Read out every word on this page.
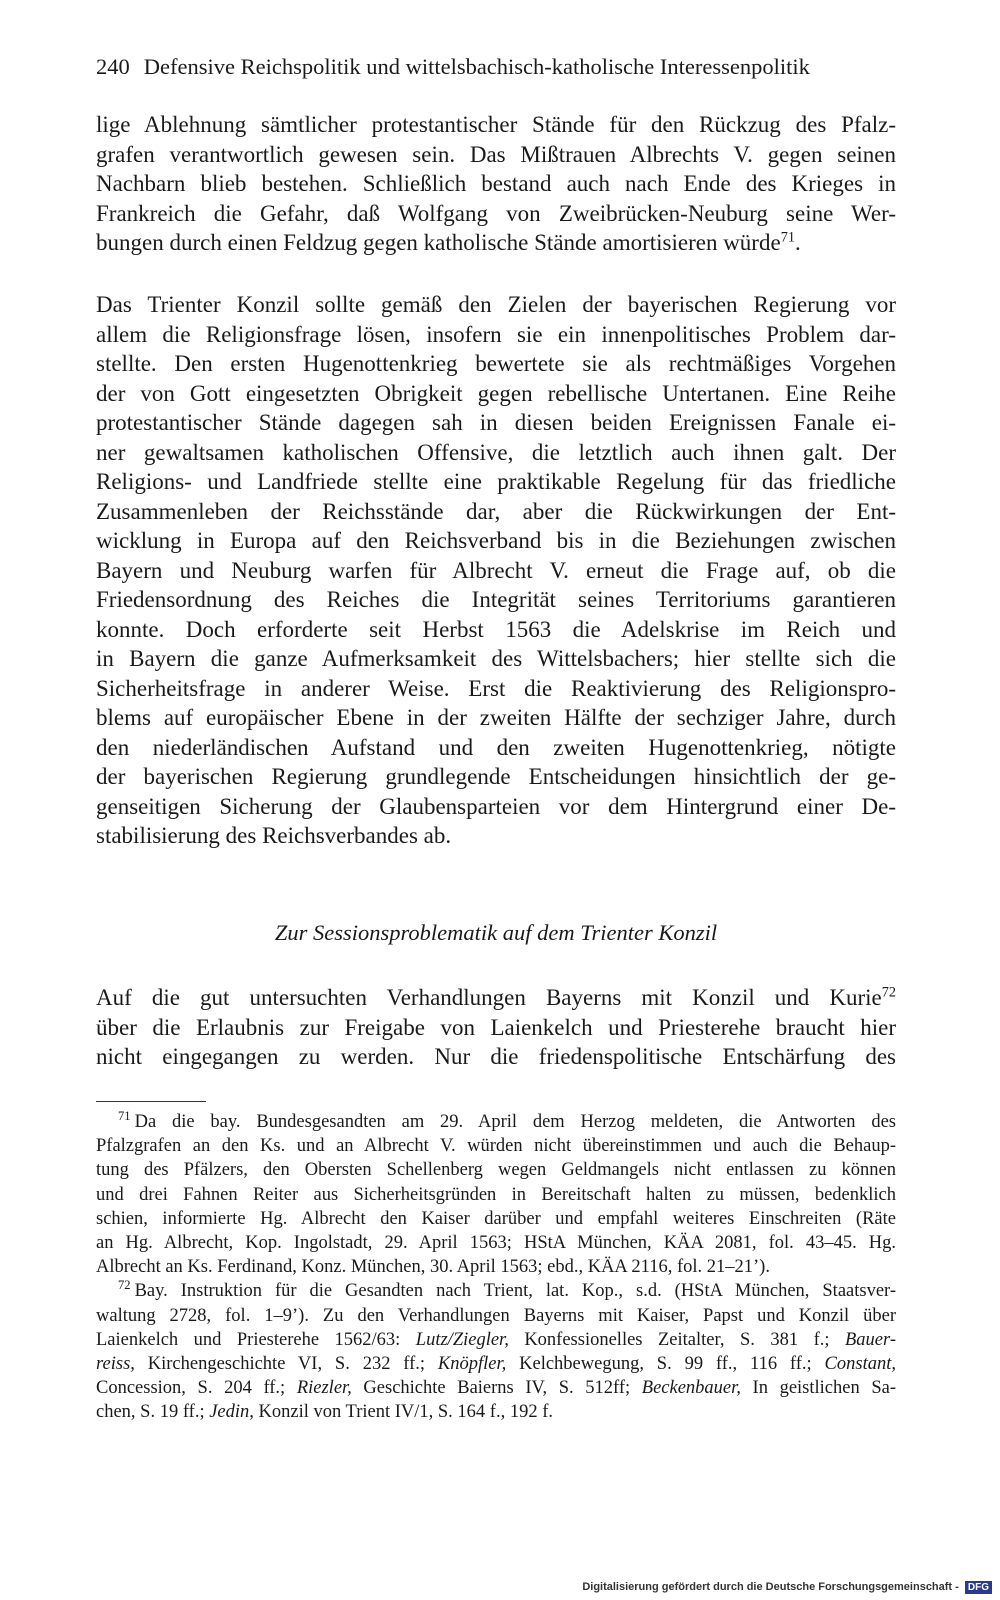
240 Defensive Reichspolitik und wittelsbachisch-katholische Interessenpolitik
lige Ablehnung sämtlicher protestantischer Stände für den Rückzug des Pfalz-
grafen verantwortlich gewesen sein. Das Mißtrauen Albrechts V. gegen seinen
Nachbarn blieb bestehen. Schließlich bestand auch nach Ende des Krieges in
Frankreich die Gefahr, daß Wolfgang von Zweibrücken-Neuburg seine Wer-
bungen durch einen Feldzug gegen katholische Stände amortisieren würde$^{71}$.
Das Trienter Konzil sollte gemäß den Zielen der bayerischen Regierung vor
allem die Religionsfrage lösen, insofern sie ein innenpolitisches Problem dar-
stellte. Den ersten Hugenottenkrieg bewertete sie als rechtmäßiges Vorgehen
der von Gott eingesetzten Obrigkeit gegen rebellische Untertanen. Eine Reihe
protestantischer Stände dagegen sah in diesen beiden Ereignissen Fanale ei-
ner gewaltsamen katholischen Offensive, die letztlich auch ihnen galt. Der
Religions- und Landfriede stellte eine praktikable Regelung für das friedliche
Zusammenleben der Reichsstände dar, aber die Rückwirkungen der Ent-
wicklung in Europa auf den Reichsverband bis in die Beziehungen zwischen
Bayern und Neuburg warfen für Albrecht V. erneut die Frage auf, ob die
Friedensordnung des Reiches die Integrität seines Territoriums garantieren
konnte. Doch erforderte seit Herbst 1563 die Adelskrise im Reich und
in Bayern die ganze Aufmerksamkeit des Wittelsbachers; hier stellte sich die
Sicherheitsfrage in anderer Weise. Erst die Reaktivierung des Religionspro-
blems auf europäischer Ebene in der zweiten Hälfte der sechziger Jahre, durch
den niederländischen Aufstand und den zweiten Hugenottenkrieg, nötigte
der bayerischen Regierung grundlegende Entscheidungen hinsichtlich der ge-
genseitigen Sicherung der Glaubensparteien vor dem Hintergrund einer De-
stabilisierung des Reichsverbandes ab.
Zur Sessionsproblematik auf dem Trienter Konzil
Auf die gut untersuchten Verhandlungen Bayerns mit Konzil und Kurie$^{72}$
über die Erlaubnis zur Freigabe von Laienkelch und Priesterehe braucht hier
nicht eingegangen zu werden. Nur die friedenspolitische Entschärfung des
$^{71}$ Da die bay. Bundesgesandten am 29. April dem Herzog meldeten, die Antworten des
Pfalzgrafen an den Ks. und an Albrecht V. würden nicht übereinstimmen und auch die Behaup-
tung des Pfälzers, den Obersten Schellenberg wegen Geldmangels nicht entlassen zu können
und drei Fahnen Reiter aus Sicherheitsgründen in Bereitschaft halten zu müssen, bedenklich
schien, informierte Hg. Albrecht den Kaiser darüber und empfahl weiteres Einschreiten (Räte
an Hg. Albrecht, Kop. Ingolstadt, 29. April 1563; HStA München, KÄA 2081, fol. 43–45. Hg.
Albrecht an Ks. Ferdinand, Konz. München, 30. April 1563; ebd., KÄA 2116, fol. 21–21’).
$^{72}$ Bay. Instruktion für die Gesandten nach Trient, lat. Kop., s.d. (HStA München, Staatsver-
waltung 2728, fol. 1–9’). Zu den Verhandlungen Bayerns mit Kaiser, Papst und Konzil über
Laienkelch und Priesterehe 1562/63: Lutz/Ziegler, Konfessionelles Zeitalter, S. 381 f.; Bauer-
reiss, Kirchengeschichte VI, S. 232 ff.; Knöpfler, Kelchbewegung, S. 99 ff., 116 ff.; Constant,
Concession, S. 204 ff.; Riezler, Geschichte Baierns IV, S. 512ff; Beckenbauer, In geistlichen Sa-
chen, S. 19 ff.; Jedin, Konzil von Trient IV/1, S. 164 f., 192 f.
Digitalisierung gefördert durch die Deutsche Forschungsgemeinschaft - DFG
